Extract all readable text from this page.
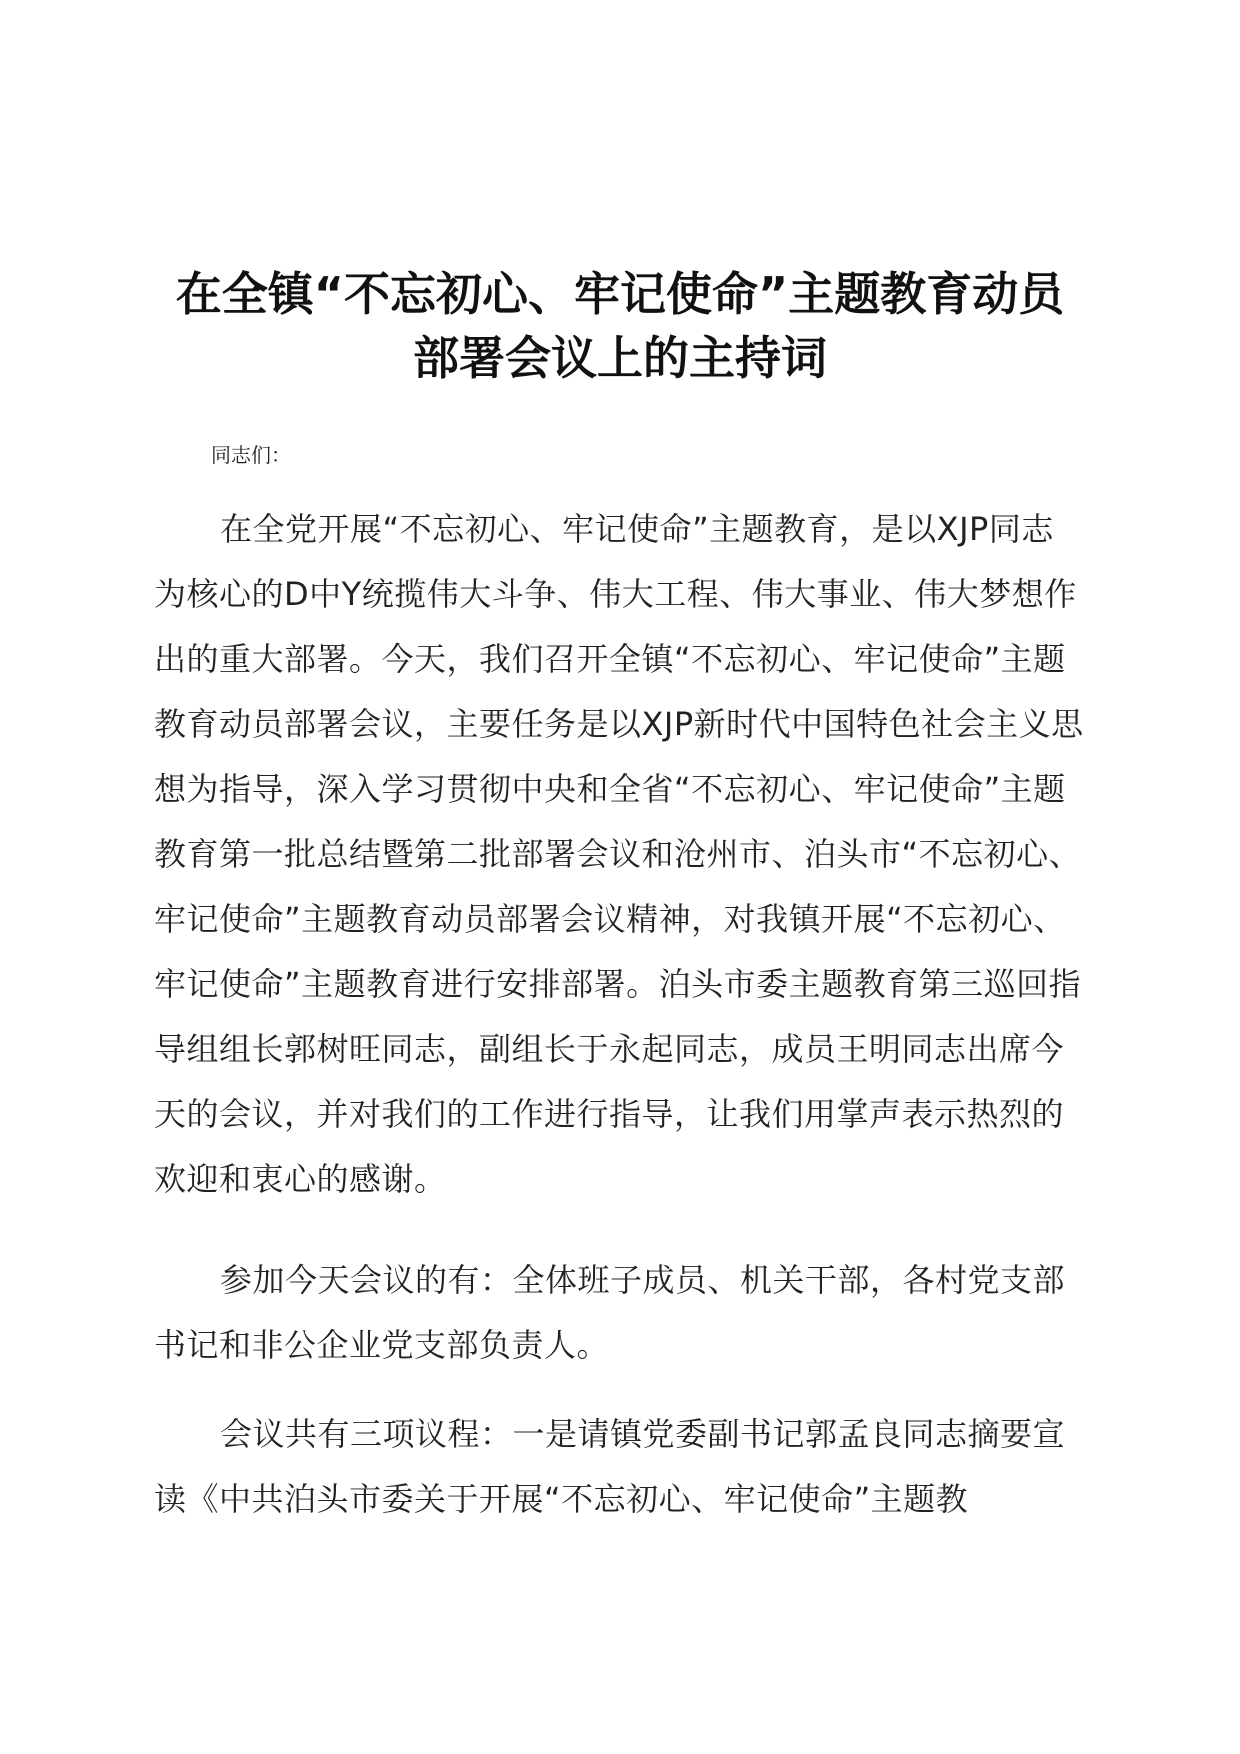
在全镇“不忘初心、牢记使命”主题教育动员
部署会议上的主持词
同志们：

在全党开展“不忘初心、牢记使命”主题教育，是以XJP同志为核心的D中Y统揽伟大斗争、伟大工程、伟大事业、伟大梦想作出的重大部署。今天，我们召开全镇“不忘初心、牢记使命”主题教育动员部署会议，主要任务是以XJP新时代中国特色社会主义思想为指导，深入学习贯彻中央和全省“不忘初心、牢记使命”主题教育第一批总结暨第二批部署会议和沧州市、泊头市“不忘初心、牢记使命”主题教育动员部署会议精神，对我镇开展“不忘初心、牢记使命”主题教育进行安排部署。泊头市委主题教育第三巡回指导组组长郭树旺同志，副组长于永起同志，成员王明同志出席今天的会议，并对我们的工作进行指导，让我们用掌声表示热烈的欢迎和衷心的感谢。

参加今天会议的有：全体班子成员、机关干部，各村党支部书记和非公企业党支部负责人。

会议共有三项议程：一是请镇党委副书记郭孟良同志摘要宣读《中共泊头市委关于开展“不忘初心、牢记使命”主题教
